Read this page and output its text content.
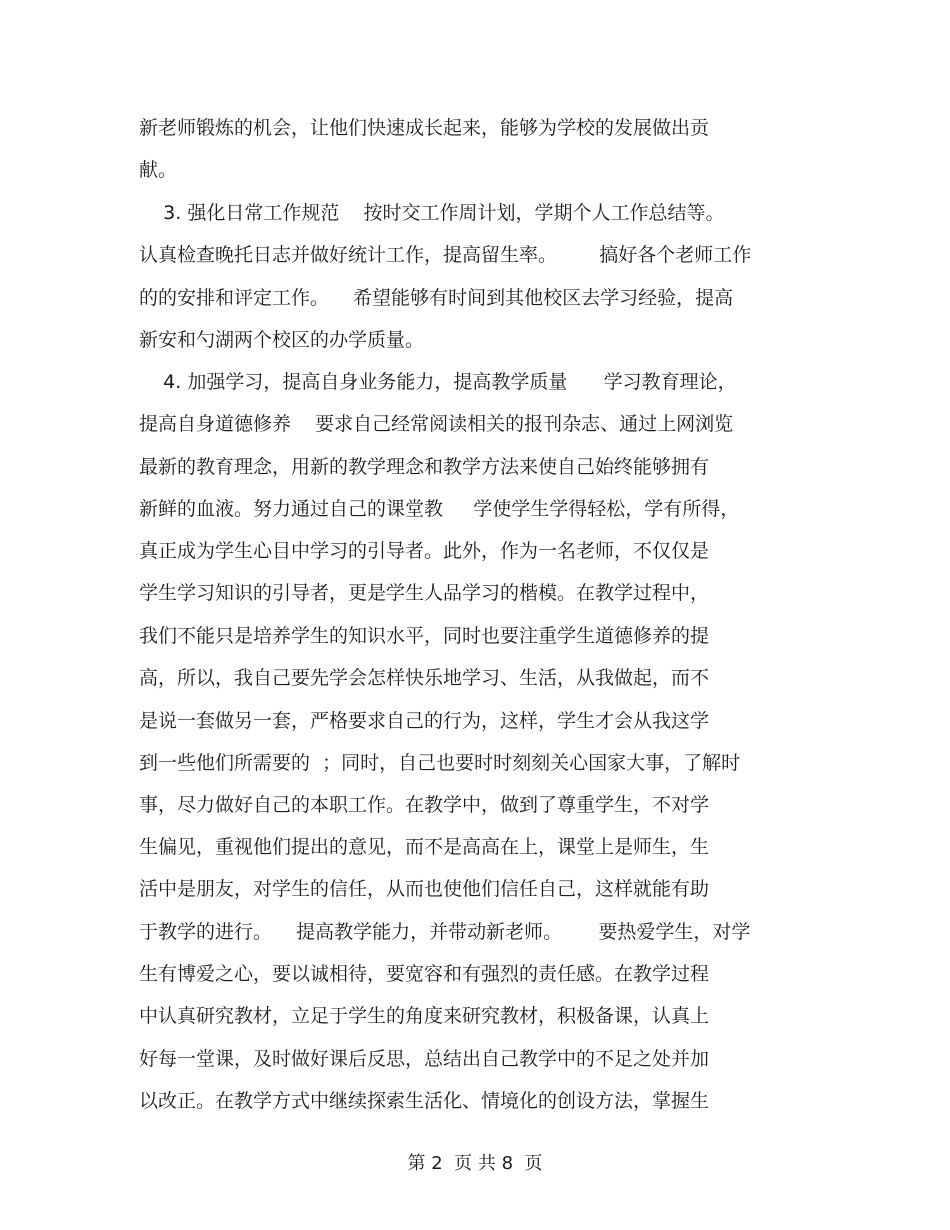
新老师锻炼的机会，让他们快速成长起来，能够为学校的发展做出贡
献。
3. 强化日常工作规范    按时交工作周计划，学期个人工作总结等。
认真检查晚托日志并做好统计工作，提高留生率。       搞好各个老师工作
的的安排和评定工作。    希望能够有时间到其他校区去学习经验，提高
新安和勺湖两个校区的办学质量。
4. 加强学习，提高自身业务能力，提高教学质量      学习教育理论，
提高自身道德修养    要求自己经常阅读相关的报刊杂志、通过上网浏览
最新的教育理念，用新的教学理念和教学方法来使自己始终能够拥有
新鲜的血液。努力通过自己的课堂教     学使学生学得轻松，学有所得，
真正成为学生心目中学习的引导者。此外，作为一名老师，不仅仅是
学生学习知识的引导者，更是学生人品学习的楷模。在教学过程中，
我们不能只是培养学生的知识水平，同时也要注重学生道德修养的提
高，所以，我自己要先学会怎样快乐地学习、生活，从我做起，而不
是说一套做另一套，严格要求自己的行为，这样，学生才会从我这学
到一些他们所需要的  ；同时，自己也要时时刻刻关心国家大事，了解时
事，尽力做好自己的本职工作。在教学中，做到了尊重学生，不对学
生偏见，重视他们提出的意见，而不是高高在上，课堂上是师生，生
活中是朋友，对学生的信任，从而也使他们信任自己，这样就能有助
于教学的进行。    提高教学能力，并带动新老师。      要热爱学生，对学
生有博爱之心，要以诚相待，要宽容和有强烈的责任感。在教学过程
中认真研究教材，立足于学生的角度来研究教材，积极备课，认真上
好每一堂课，及时做好课后反思，总结出自己教学中的不足之处并加
以改正。在教学方式中继续探索生活化、情境化的创设方法，掌握生
第 2  页 共 8  页
